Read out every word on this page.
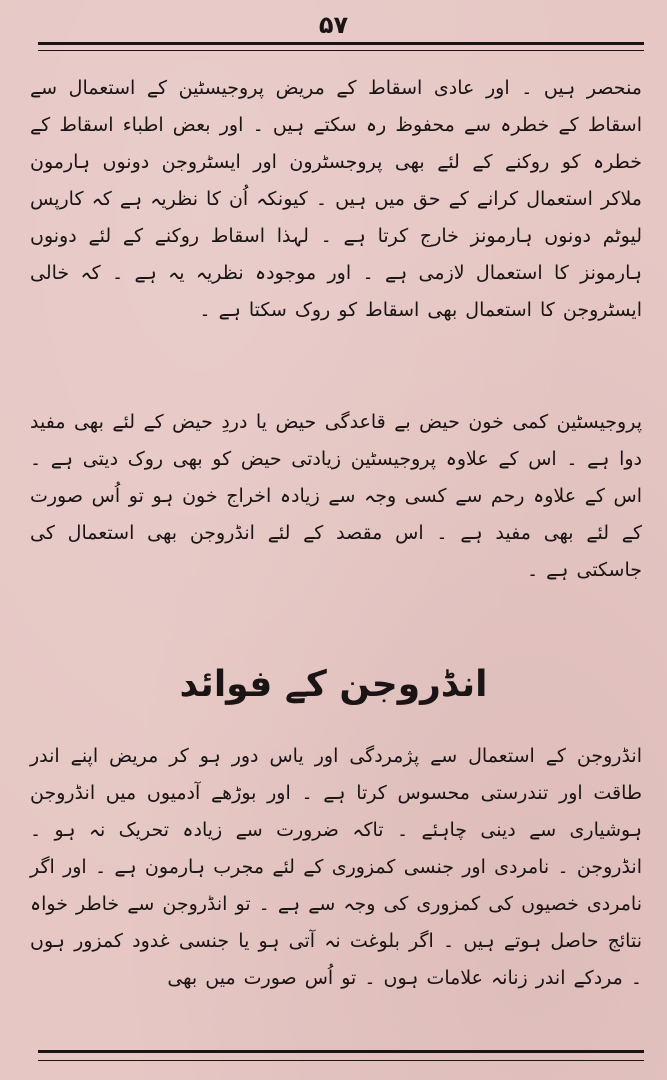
۵۷

منحصر ہیں ۔ اور عادی اسقاط کے مریض پروجیسٹین کے استعمال سے اسقاط کے خطرہ سے محفوظ رہ سکتے ہیں ۔ اور بعض اطباء اسقاط کے خطرہ کو روکنے کے لئے بھی پروجسٹرون اور ایسٹروجن دونوں ہارمون ملاکر استعمال کرانے کے حق میں ہیں ۔ کیونکہ اُن کا نظریہ ہے کہ کارپس لیوٹم دونوں ہارمونز خارج کرتا ہے ۔ لہذا اسقاط روکنے کے لئے دونوں ہارمونز کا استعمال لازمی ہے ۔ اور موجودہ نظریہ یہ ہے ۔ کہ خالی ایسٹروجن کا استعمال بھی اسقاط کو روک سکتا ہے ۔

پروجیسٹین کمی خون حیض بے قاعدگی حیض یا دردِ حیض کے لئے بھی مفید دوا ہے ۔ اس کے علاوہ پروجیسٹین زیادتی حیض کو بھی روک دیتی ہے ۔ اس کے علاوہ رحم سے کسی وجہ سے زیادہ اخراج خون ہو تو اُس صورت کے لئے بھی مفید ہے ۔ اس مقصد کے لئے انڈروجن بھی استعمال کی جاسکتی ہے ۔

انڈروجن کے فوائد

انڈروجن کے استعمال سے پژمردگی اور یاس دور ہو کر مریض اپنے اندر طاقت اور تندرستی محسوس کرتا ہے ۔ اور بوڑھے آدمیوں میں انڈروجن ہوشیاری سے دینی چاہئے ۔ تاکہ ضرورت سے زیادہ تحریک نہ ہو ۔ انڈروجن ۔ نامردی اور جنسی کمزوری کے لئے مجرب ہارمون ہے ۔ اور اگر نامردی خصیوں کی کمزوری کی وجہ سے ہے ۔ تو انڈروجن سے خاطر خواہ نتائج حاصل ہوتے ہیں ۔ اگر بلوغت نہ آتی ہو یا جنسی غدود کمزور ہوں ۔ مردکے اندر زنانہ علامات ہوں ۔ تو اُس صورت میں بھی
